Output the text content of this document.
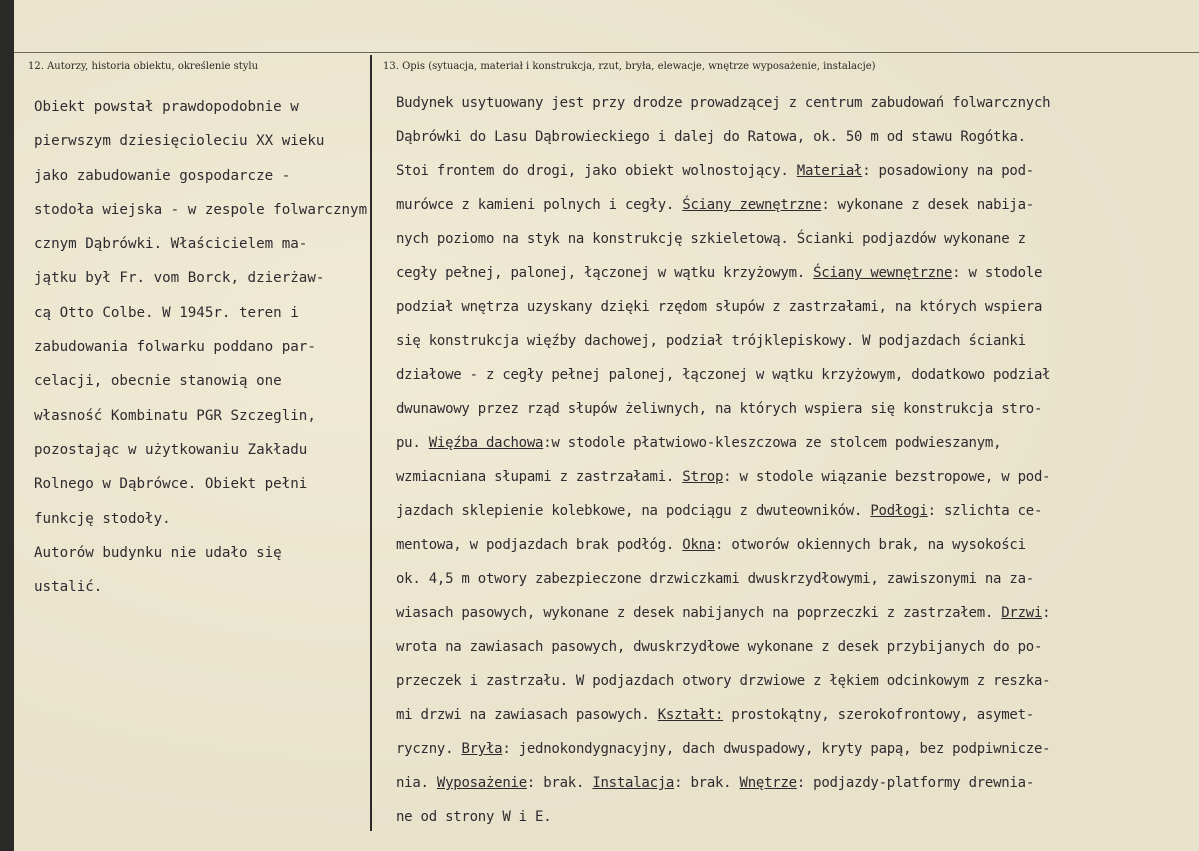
12. Autorzy, historia obiektu, określenie stylu	13. Opis (sytuacja, materiał i konstrukcja, rzut, bryła, elewacje, wnętrze wyposażenie, instalacje)
Obiekt powstał prawdopodobnie w
pierwszym dziesięcioleciu XX wieku
jako zabudowanie gospodarcze -
stodoła wiejska - w zespole folwarcznym
cznym Dąbrówki. Właścicielem ma-
jątku był Fr. vom Borck, dzierżaw-
cą Otto Colbe. W 1945r. teren i
zabudowania folwarku poddano par-
celacji, obecnie stanowią one
własność Kombinatu PGR Szczeglin,
pozostając w użytkowaniu Zakładu
Rolnego w Dąbrówce. Obiekt pełni
funkcję stodoły.
Autorów budynku nie udało się
ustalić.
Budynek usytuowany jest przy drodze prowadzącej z centrum zabudowań folwarcznych
Dąbrówki do Lasu Dąbrowieckiego i dalej do Ratowa, ok. 50 m od stawu Rogótka.
Stoi frontem do drogi, jako obiekt wolnostojący. Materiał: posadowiony na pod-
murówce z kamieni polnych i cegły. Ściany zewnętrzne: wykonane z desek nabija-
nych poziomo na styk na konstrukcję szkieletową. Ścianki podjazdów wykonane z
cegły pełnej, palonej, łączonej w wątku krzyżowym. Ściany wewnętrzne: w stodole
podział wnętrza uzyskany dzięki rzędom słupów z zastrzałami, na których wspiera
się konstrukcja więźby dachowej, podział trójklepiskowy. W podjazdach ścianki
działowe - z cegły pełnej palonej, łączonej w wątku krzyżowym, dodatkowo podział
dwunawowy przez rząd słupów żeliwnych, na których wspiera się konstrukcja stro-
pu. Więźba dachowa:w stodole płatwiowo-kleszczowa ze stolcem podwieszanym,
wzmiacniana słupami z zastrzałami. Strop: w stodole wiązanie bezstropowe, w pod-
jazdach sklepienie kolebkowe, na podciągu z dwuteowników. Podłogi: szlichta ce-
mentowa, w podjazdach brak podłóg. Okna: otworów okiennych brak, na wysokości
ok. 4,5 m otwory zabezpieczone drzwiczkami dwuskrzydłowymi, zawiszonymi na za-
wiasach pasowych, wykonane z desek nabijanych na poprzeczki z zastrzałem. Drzwi:
wrota na zawiasach pasowych, dwuskrzydłowe wykonane z desek przybijanych do po-
przeczek i zastrzału. W podjazdach otwory drzwiowe z łękiem odcinkowym z reszka-
mi drzwi na zawiasach pasowych. Kształt: prostokątny, szerokofrontowy, asymet-
ryczny. Bryła: jednokondygnacyjny, dach dwuspadowy, kryty papą, bez podpiwnicze-
nia. Wyposażenie: brak. Instalacja: brak. Wnętrze: podjazdy-platformy drewnia-
ne od strony W i E.
